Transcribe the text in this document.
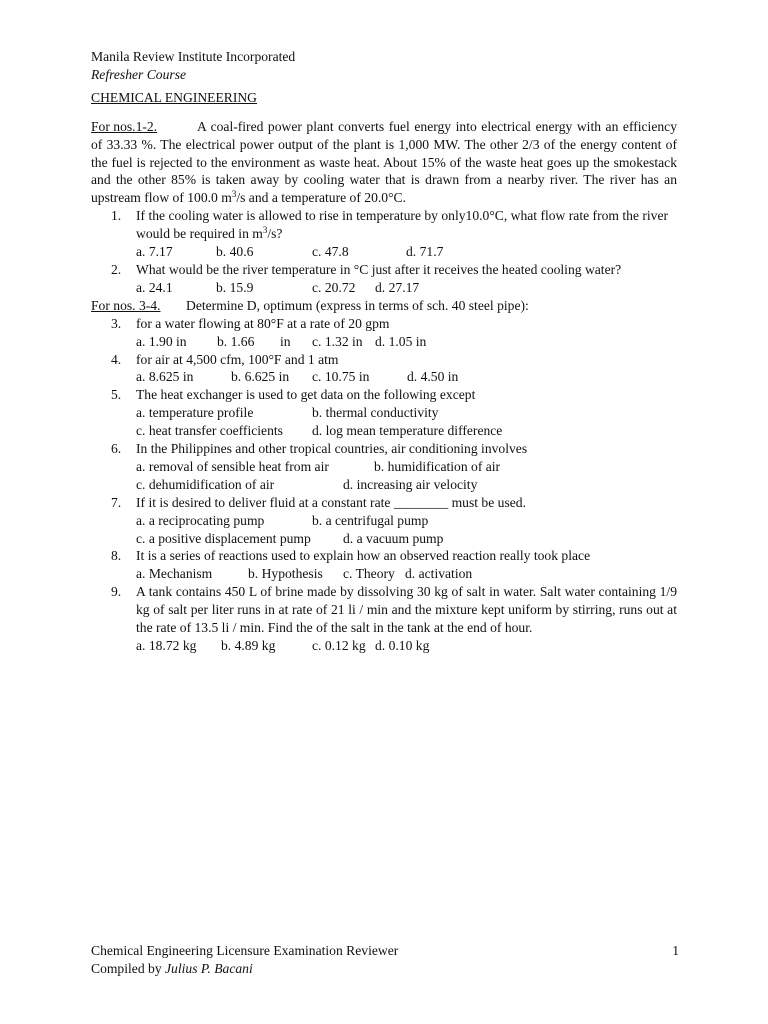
Manila Review Institute Incorporated
Refresher Course
CHEMICAL ENGINEERING
For nos.1-2.	A coal-fired power plant converts fuel energy into electrical energy with an efficiency of 33.33 %. The electrical power output of the plant is 1,000 MW. The other 2/3 of the energy content of the fuel is rejected to the environment as waste heat. About 15% of the waste heat goes up the smokestack and the other 85% is taken away by cooling water that is drawn from a nearby river. The river has an upstream flow of 100.0 $m^3/s$ and a temperature of 20.0°C.
1. If the cooling water is allowed to rise in temperature by only10.0°C, what flow rate from the river would be required in $m^3/s$?
a. 7.17	b. 40.6	c. 47.8	d. 71.7
2. What would be the river temperature in °C just after it receives the heated cooling water?
a. 24.1	b. 15.9	c. 20.72 d. 27.17
For nos. 3-4. Determine D, optimum (express in terms of sch. 40 steel pipe):
3. for a water flowing at 80°F at a rate of 20 gpm
a. 1.90 in b. 1.66 in c. 1.32 in d. 1.05 in
4. for air at 4,500 cfm, 100°F and 1 atm
a. 8.625 in	b. 6.625 in c. 10.75 in	d. 4.50 in
5. The heat exchanger is used to get data on the following except
a. temperature profile	b. thermal conductivity
c. heat transfer coefficients d. log mean temperature difference
6. In the Philippines and other tropical countries, air conditioning involves
a. removal of sensible heat from air	b. humidification of air
c. dehumidification of air	d. increasing air velocity
7. If it is desired to deliver fluid at a constant rate ________ must be used.
a. a reciprocating pump	b. a centrifugal pump
c. a positive displacement pump d. a vacuum pump
8. It is a series of reactions used to explain how an observed reaction really took place
a. Mechanism	b. Hypothesis c. Theory d. activation
9. A tank contains 450 L of brine made by dissolving 30 kg of salt in water. Salt water containing 1/9 kg of salt per liter runs in at rate of 21 li / min and the mixture kept uniform by stirring, runs out at the rate of 13.5 li / min. Find the of the salt in the tank at the end of hour.
a. 18.72 kg b. 4.89 kg	c. 0.12 kg d. 0.10 kg
Chemical Engineering Licensure Examination Reviewer	1
Compiled by Julius P. Bacani
